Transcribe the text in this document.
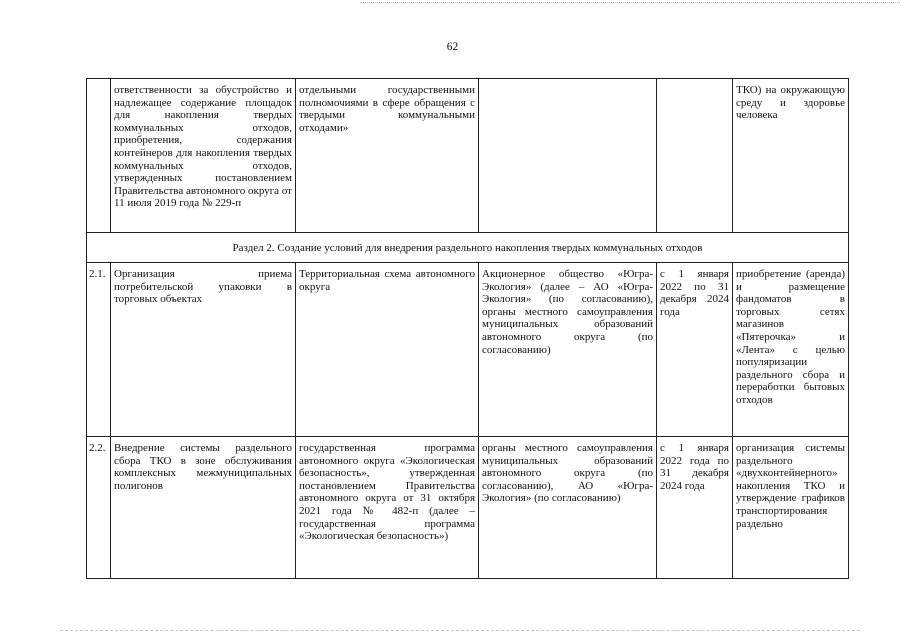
62

	ответственности за обустройство и надлежащее содержание площадок для накопления твердых коммунальных отходов, приобретения, содержания контейнеров для накопления твердых коммунальных отходов, утвержденных постановлением Правительства автономного округа от 11 июля 2019 года № 229-п	отдельными государственными полномочиями в сфере обращения с твердыми коммунальными отходами»			ТКО) на окружающую среду и здоровье человека

Раздел 2. Создание условий для внедрения раздельного накопления твердых коммунальных отходов					
2.1.	Организация приема потребительской упаковки в торговых объектах	Территориальная схема автономного округа	Акционерное общество «Югра-Экология» (далее – АО «Югра-Экология» (по согласованию), органы местного самоуправления муниципальных образований автономного округа (по согласованию)	с 1 января 2022 по 31 декабря 2024 года	приобретение (аренда) и размещение фандоматов в торговых сетях магазинов «Пятерочка» и «Лента» с целью популяризации раздельного сбора и переработки бытовых отходов

2.2.	Внедрение системы раздельного сбора ТКО в зоне обслуживания комплексных межмуниципальных полигонов	государственная программа автономного округа «Экологическая безопасность», утвержденная постановлением Правительства автономного округа от 31 октября 2021 года № 482-п (далее – государственная программа «Экологическая безопасность»)	органы местного самоуправления муниципальных образований автономного округа (по согласованию), АО «Югра-Экология» (по согласованию)	с 1 января 2022 года по 31 декабря 2024 года	организация системы раздельного «двухконтейнерного» накопления ТКО и утверждение графиков транспортирования раздельно
